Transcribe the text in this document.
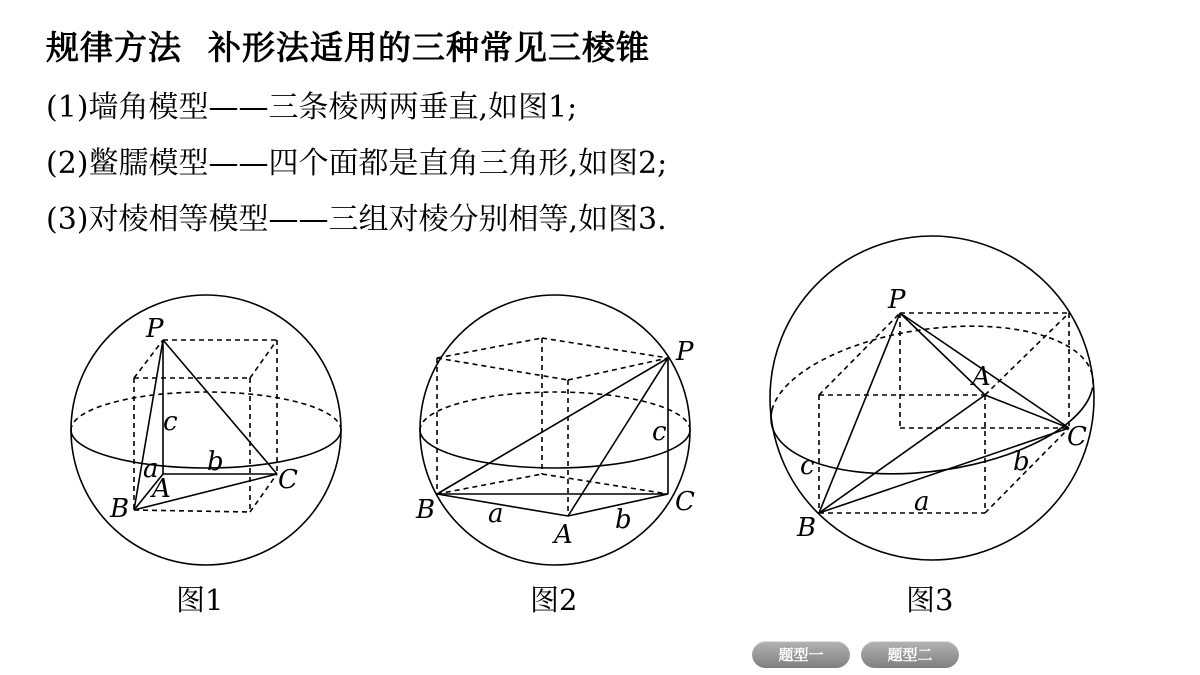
规律方法 补形法适用的三种常见三棱锥
(1)墙角模型——三条棱两两垂直,如图1;
(2)鳖臑模型——四个面都是直角三角形,如图2;
(3)对棱相等模型——三组对棱分别相等,如图3.
P
A
B
C
a b
c
P
A
B	C
a	b
c
P
A
B
C
a
b
c
图1	图2	图3
题型一	题型二
